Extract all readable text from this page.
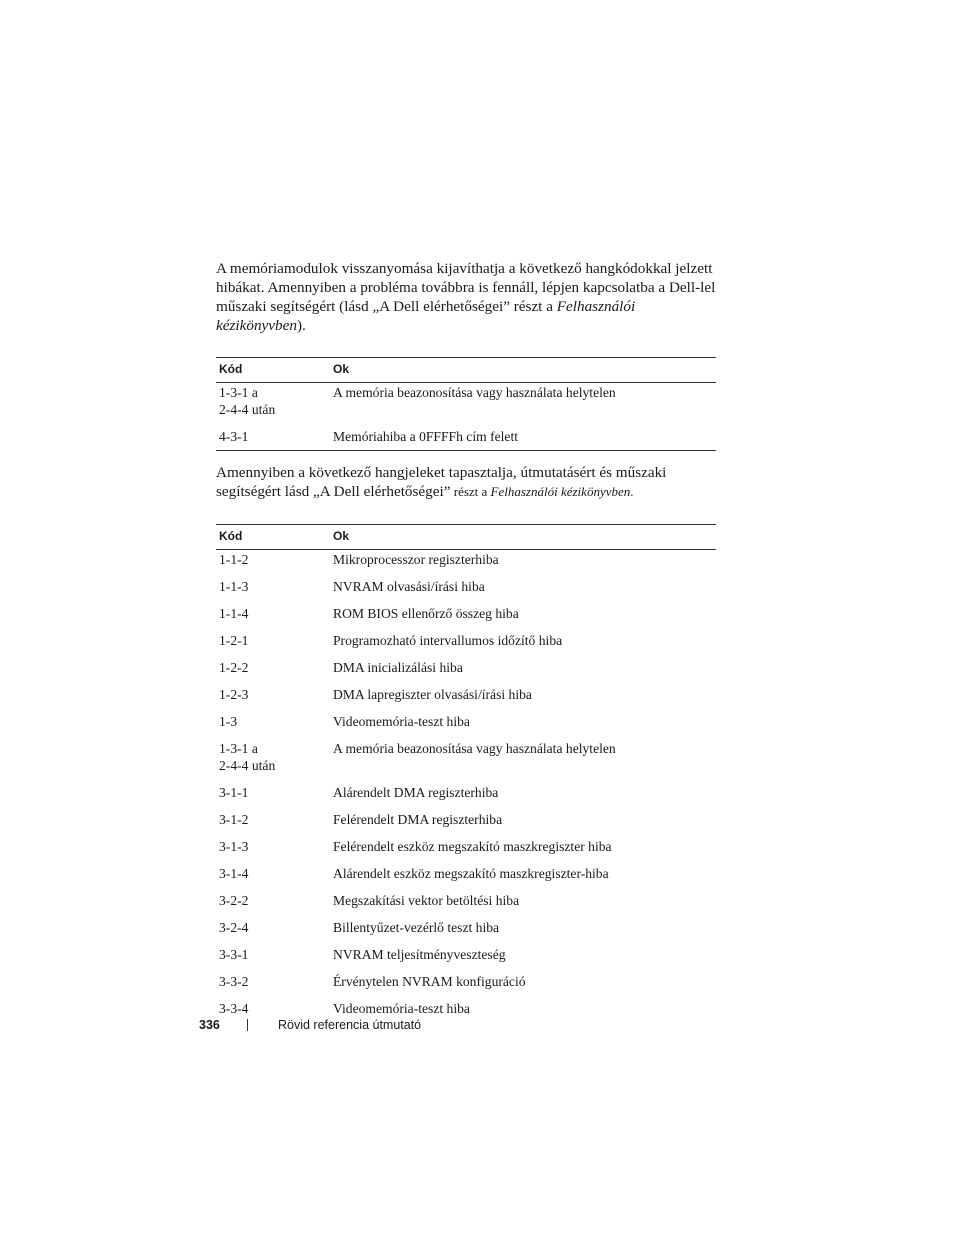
A memóriamodulok visszanyomása kijavíthatja a következő hangkódokkal jelzett hibákat. Amennyiben a probléma továbbra is fennáll, lépjen kapcsolatba a Dell-lel műszaki segítségért (lásd „A Dell elérhetőségei” részt a Felhasználói kézikönyvben).

Kód	Ok

1-3-1 a
2-4-4 után	A memória beazonosítása vagy használata helytelen

4-3-1	Memóriahiba a 0FFFFh cím felett

Amennyiben a következő hangjeleket tapasztalja, útmutatásért és műszaki segítségért lásd „A Dell elérhetőségei” részt a Felhasználói kézikönyvben.

Kód	Ok

1-1-2	Mikroprocesszor regiszterhiba

1-1-3	NVRAM olvasási/írási hiba

1-1-4	ROM BIOS ellenőrző összeg hiba

1-2-1	Programozható intervallumos időzítő hiba

1-2-2	DMA inicializálási hiba

1-2-3	DMA lapregiszter olvasási/írási hiba

1-3	Videomemória-teszt hiba

1-3-1 a
2-4-4 után	A memória beazonosítása vagy használata helytelen

3-1-1	Alárendelt DMA regiszterhiba

3-1-2	Felérendelt DMA regiszterhiba

3-1-3	Felérendelt eszköz megszakító maszkregiszter hiba

3-1-4	Alárendelt eszköz megszakító maszkregiszter-hiba

3-2-2	Megszakítási vektor betöltési hiba

3-2-4	Billentyűzet-vezérlő teszt hiba

3-3-1	NVRAM teljesítményveszteség

3-3-2	Érvénytelen NVRAM konfiguráció

3-3-4	Videomemória-teszt hiba
336	Rövid referencia útmutató
